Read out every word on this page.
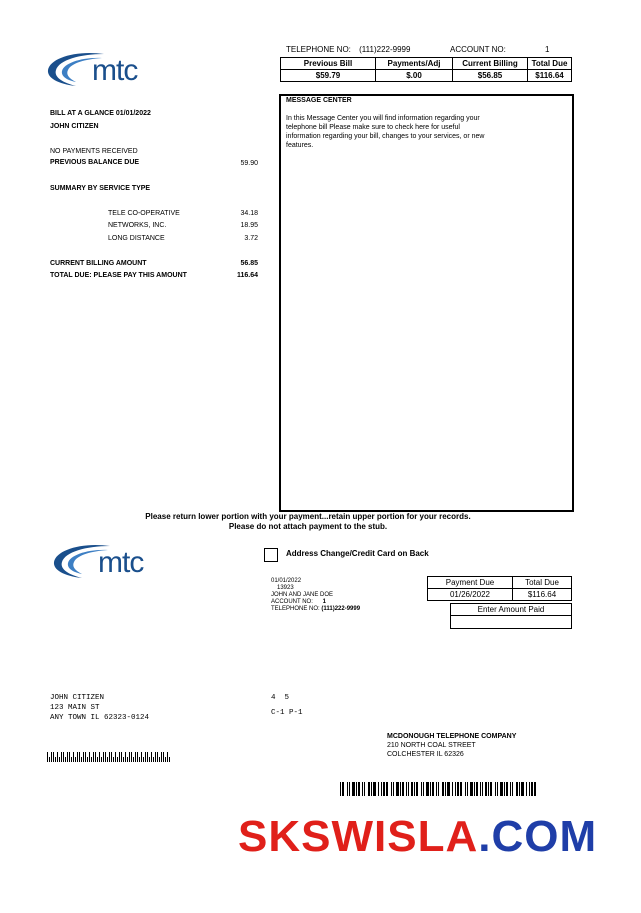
mtc
TELEPHONE NO: (111)222-9999	ACCOUNT NO:	1
Previous Bill	Payments/Adj	Current Billing	Total Due
$59.79	$.00	$56.85	$116.64
BILL AT A GLANCE 01/01/2022
JOHN CITIZEN
NO PAYMENTS RECEIVED
PREVIOUS BALANCE DUE	59.90
SUMMARY BY SERVICE TYPE
TELE CO-OPERATIVE	34.18
NETWORKS, INC.	18.95
LONG DISTANCE	3.72
CURRENT BILLING AMOUNT	56.85
TOTAL DUE: PLEASE PAY THIS AMOUNT	116.64
MESSAGE CENTER
In this Message Center you will find information regarding your
telephone bill Please make sure to check here for useful
information regarding your bill, changes to your services, or new
features.
Please return lower portion with your payment...retain upper portion for your records.
Please do not attach payment to the stub.
mtc	Address Change/Credit Card on Back
01/01/2022
13923
JOHN AND JANE DOE
ACCOUNT NO: 1
TELEPHONE NO: (111)222-9999
Payment Due	Total Due
01/26/2022	$116.64
Enter Amount Paid

JOHN CITIZEN
123 MAIN ST
ANY TOWN IL 62323-0124
4  5
C-1 P-1
MCDONOUGH TELEPHONE COMPANY
210 NORTH COAL STREET
COLCHESTER IL 62326
SKSWISLA.COM
